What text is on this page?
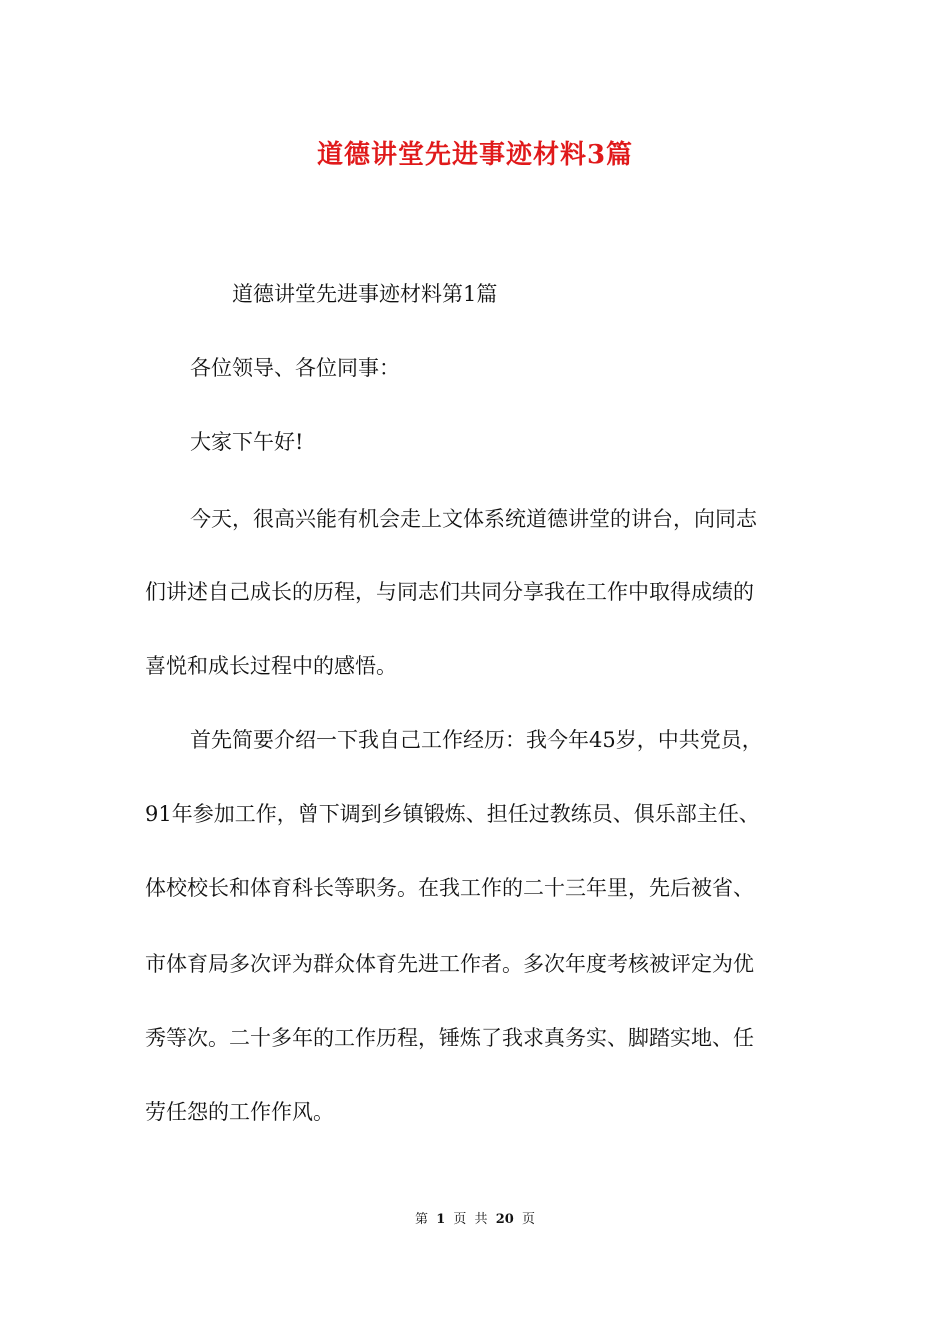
道德讲堂先进事迹材料3篇
道德讲堂先进事迹材料第1篇
各位领导、各位同事：
大家下午好!
今天，很高兴能有机会走上文体系统道德讲堂的讲台，向同志
们讲述自己成长的历程，与同志们共同分享我在工作中取得成绩的
喜悦和成长过程中的感悟。
首先简要介绍一下我自己工作经历：我今年45岁，中共党员，
91年参加工作，曾下调到乡镇锻炼、担任过教练员、俱乐部主任、
体校校长和体育科长等职务。在我工作的二十三年里，先后被省、
市体育局多次评为群众体育先进工作者。多次年度考核被评定为优
秀等次。二十多年的工作历程，锤炼了我求真务实、脚踏实地、任
劳任怨的工作作风。
第 1 页 共 20 页
